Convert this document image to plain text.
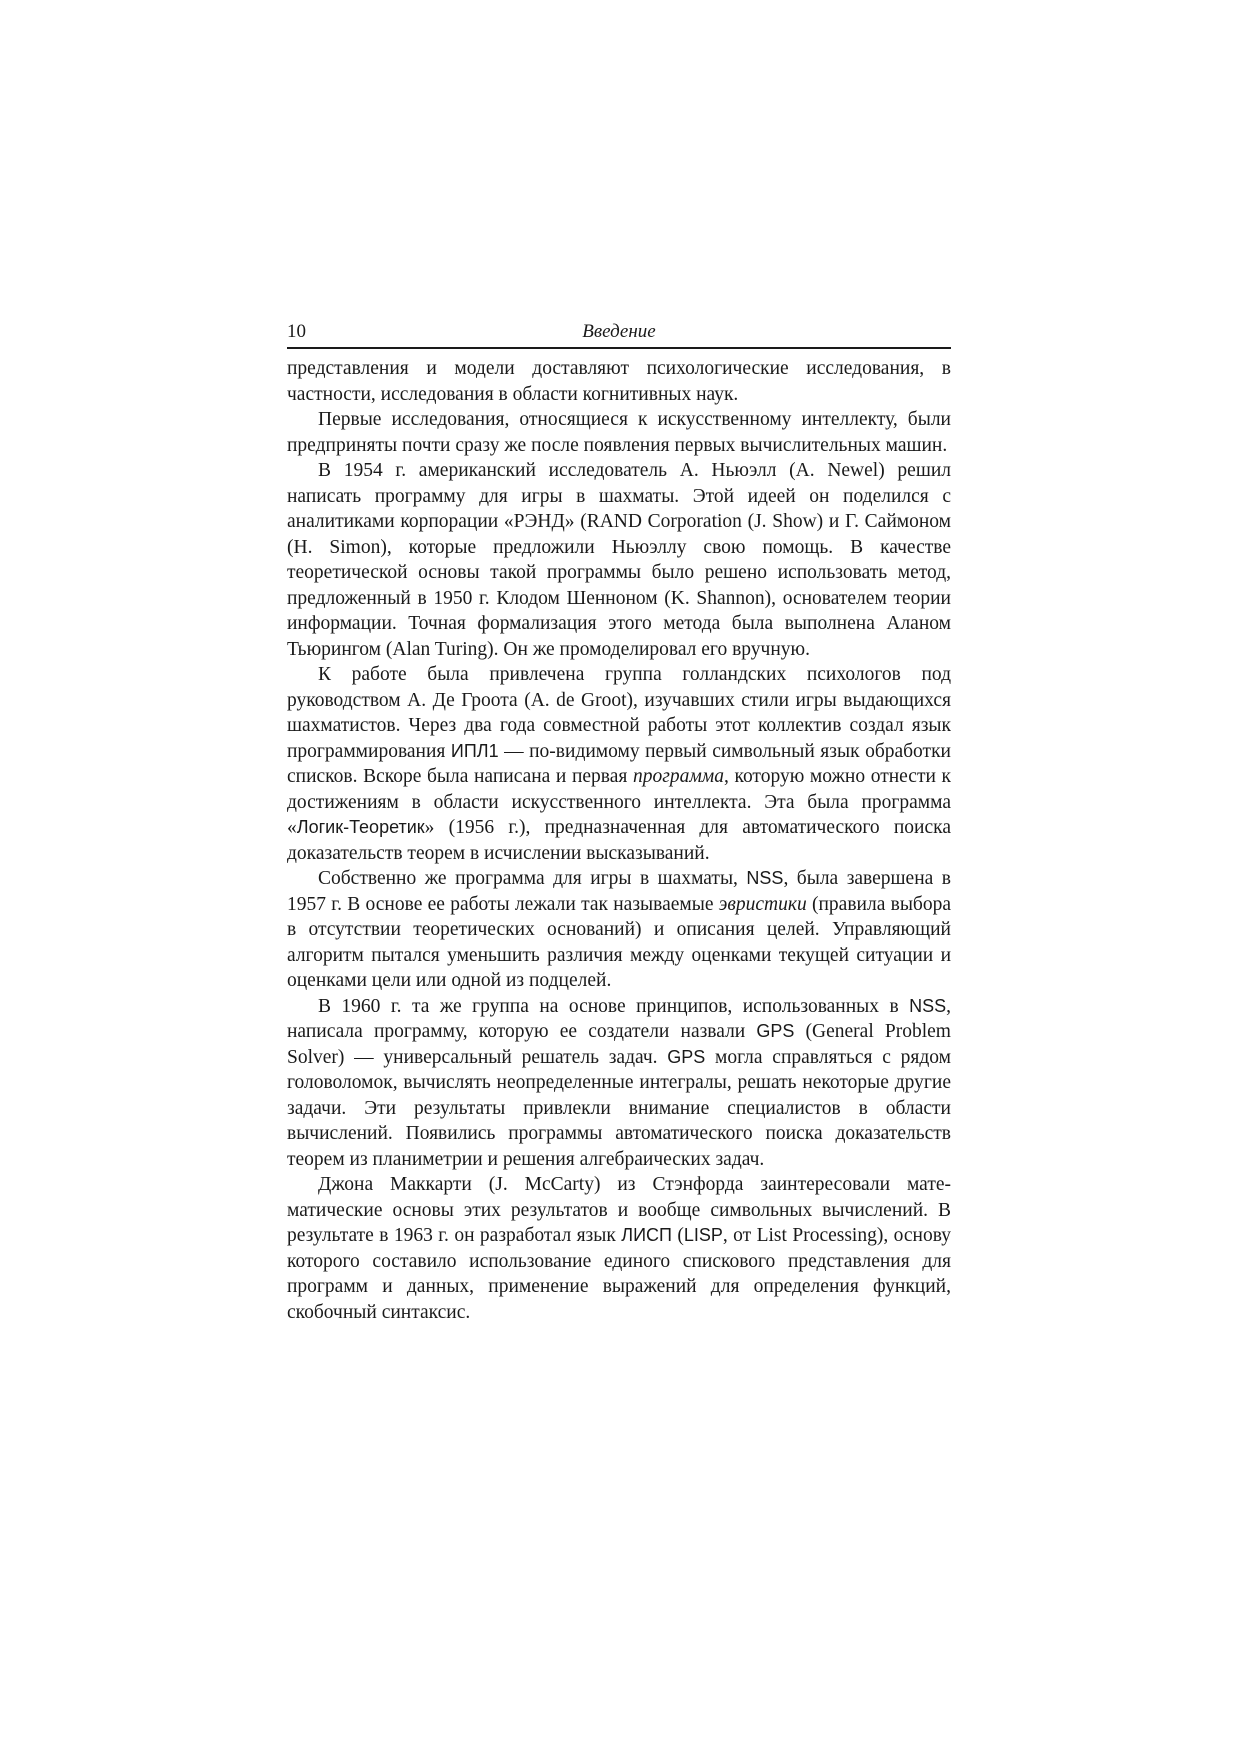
10	Введение

представления и модели доставляют психологические исследования, в частности, исследования в области когнитивных наук.

Первые исследования, относящиеся к искусственному интеллекту, были предприняты почти сразу же после появления первых вычислительных машин.

В 1954 г. американский исследователь А. Ньюэлл (A. Newel) решил написать программу для игры в шахматы. Этой идеей он поделился с аналитиками корпорации «РЭНД» (RAND Corporation (J. Show) и Г. Саймоном (H. Simon), которые предложили Ньюэллу свою помощь. В качестве теоретической основы такой программы было решено использовать метод, предложенный в 1950 г. Клодом Шенноном (K. Shannon), основателем теории информации. Точная формализация этого метода была выполнена Аланом Тьюрингом (Alan Turing). Он же промоделировал его вручную.

К работе была привлечена группа голландских психологов под руководством А. Де Гроота (A. de Groot), изучавших стили игры выдающихся шахматистов. Через два года совместной работы этот коллектив создал язык программирования ИПЛ1 — по-видимому первый символьный язык обработки списков. Вскоре была написана и первая программа, которую можно отнести к достижениям в области искусственного интеллекта. Эта была программа «Логик-Теоретик» (1956 г.), предназначенная для автоматического поиска доказательств теорем в исчислении высказываний.

Собственно же программа для игры в шахматы, NSS, была завершена в 1957 г. В основе ее работы лежали так называемые эвристики (правила выбора в отсутствии теоретических оснований) и описания целей. Управляющий алгоритм пытался уменьшить различия между оценками текущей ситуации и оценками цели или одной из подцелей.

В 1960 г. та же группа на основе принципов, использованных в NSS, написала программу, которую ее создатели назвали GPS (General Problem Solver) — универсальный решатель задач. GPS могла справляться с рядом головоломок, вычислять неопределенные интегралы, решать некоторые другие задачи. Эти результаты привлекли внимание специалистов в области вычислений. Появились программы автоматического поиска доказательств теорем из планиметрии и решения алгебраических задач.

Джона Маккарти (J. McCarty) из Стэнфорда заинтересовали математические основы этих результатов и вообще символьных вычислений. В результате в 1963 г. он разработал язык ЛИСП (LISP, от List Processing), основу которого составило использование единого спискового представления для программ и данных, применение выражений для определения функций, скобочный синтаксис.
